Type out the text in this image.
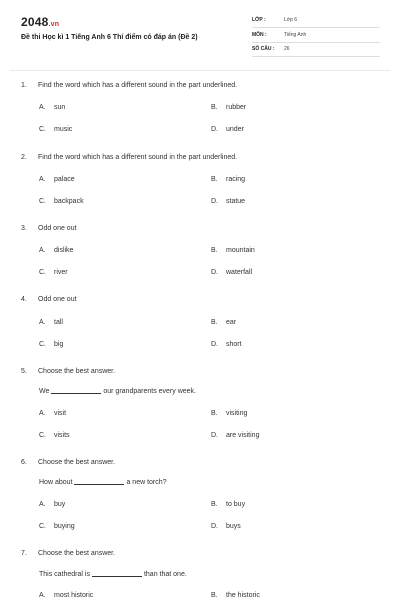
2048.vn
Đề thi Học kì 1 Tiếng Anh 6 Thí điểm có đáp án (Đề 2)
LỚP :	Lớp 6
MÔN :	Tiếng Anh
SỐ CÂU : 26
1. Find the word which has a different sound in the part underlined.
A. sun	B. rubber
C. music	D. under
2. Find the word which has a different sound in the part underlined.
A. palace	B. racing
C. backpack	D. statue
3. Odd one out
A. dislike	B. mountain
C. river	D. waterfall
4. Odd one out
A. tall	B. ear
C. big	D. short
5. Choose the best answer.
We	our grandparents every week.
A. visit	B. visiting
C. visits	D. are visiting
6. Choose the best answer.
How about	a new torch?
A. buy	B. to buy
C. buying	D. buys
7. Choose the best answer.
This cathedral is	than that one.
A. most historic	B. the historic
